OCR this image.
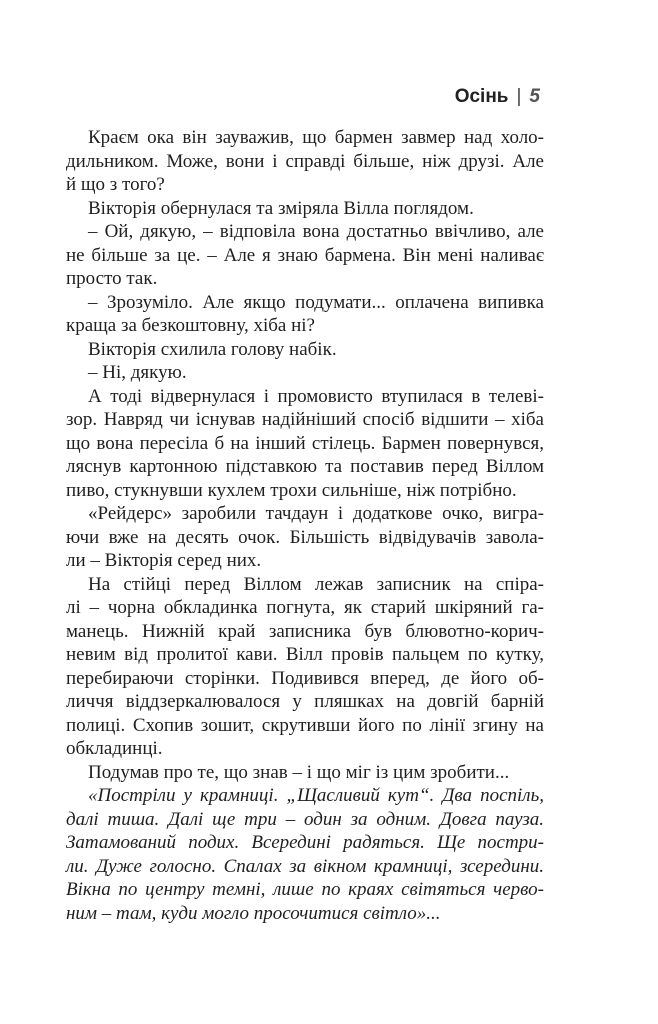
Осінь | 5

Краєм ока він зауважив, що бармен завмер над холо-
дильником. Може, вони і справді більше, ніж друзі. Але
й що з того?

Вікторія обернулася та зміряла Вілла поглядом.

– Ой, дякую, – відповіла вона достатньо ввічливо, але
не більше за це. – Але я знаю бармена. Він мені наливає
просто так.

– Зрозуміло. Але якщо подумати... оплачена випивка
краща за безкоштовну, хіба ні?

Вікторія схилила голову набік.

– Ні, дякую.

А тоді відвернулася і промовисто втупилася в телеві-
зор. Навряд чи існував надійніший спосіб відшити – хіба
що вона пересіла б на інший стілець. Бармен повернувся,
ляснув картонною підставкою та поставив перед Віллом
пиво, стукнувши кухлем трохи сильніше, ніж потрібно.

«Рейдерс» заробили тачдаун і додаткове очко, вигра-
ючи вже на десять очок. Більшість відвідувачів завола-
ли – Вікторія серед них.

На стійці перед Віллом лежав записник на спіра-
лі – чорна обкладинка погнута, як старий шкіряний га-
манець. Нижній край записника був блювотно-корич-
невим від пролитої кави. Вілл провів пальцем по кутку,
перебираючи сторінки. Подивився вперед, де його об-
личчя віддзеркалювалося у пляшках на довгій барній
полиці. Схопив зошит, скрутивши його по лінії згину на
обкладинці.

Подумав про те, що знав – і що міг із цим зробити...

«Постріли у крамниці. „Щасливий кут“. Два поспіль,
далі тиша. Далі ще три – один за одним. Довга пауза.
Затамований подих. Всередині радяться. Ще постри-
ли. Дуже голосно. Спалах за вікном крамниці, зсередини.
Вікна по центру темні, лише по краях світяться черво-
ним – там, куди могло просочитися світло»...
